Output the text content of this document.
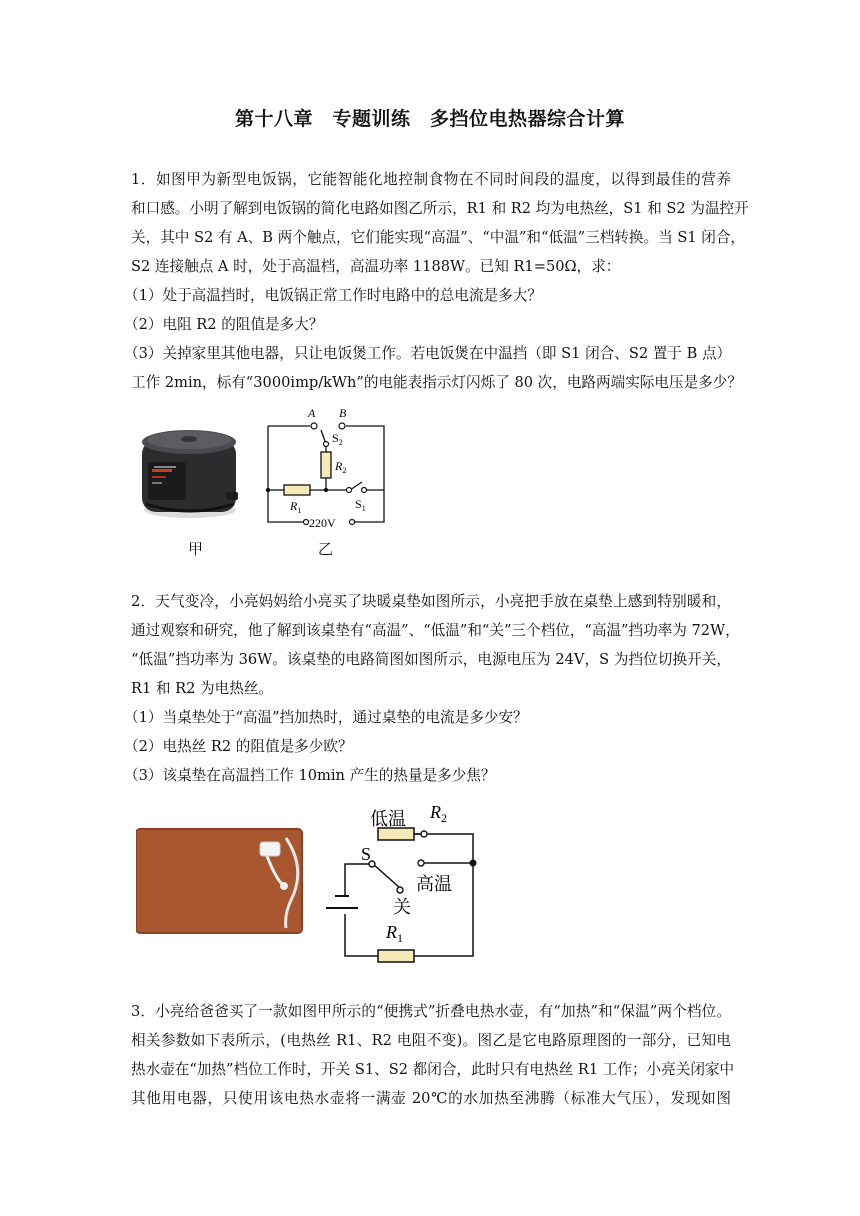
第十八章　专题训练　多挡位电热器综合计算
1．如图甲为新型电饭锅，它能智能化地控制食物在不同时间段的温度，以得到最佳的营养
和口感。小明了解到电饭锅的简化电路如图乙所示，R1 和 R2 均为电热丝，S1 和 S2 为温控开
关，其中 S2 有 A、B 两个触点，它们能实现“高温”、“中温”和“低温”三档转换。当 S1 闭合，
S2 连接触点 A 时，处于高温档，高温功率 1188W。已知 R1=50Ω，求：
（1）处于高温挡时，电饭锅正常工作时电路中的总电流是多大？
（2）电阻 R2 的阻值是多大？
（3）关掉家里其他电器，只让电饭煲工作。若电饭煲在中温挡（即 S1 闭合、S2 置于 B 点）
工作 2min，标有“3000imp/kWh”的电能表指示灯闪烁了 80 次，电路两端实际电压是多少？
甲
A B
$S_2$
$R_2$
$R_1$	$S_1$
220V
乙
2．天气变冷，小亮妈妈给小亮买了块暖桌垫如图所示，小亮把手放在桌垫上感到特别暖和，
通过观察和研究，他了解到该桌垫有“高温”、“低温”和“关”三个档位，“高温”挡功率为 72W，
“低温”挡功率为 36W。该桌垫的电路简图如图所示，电源电压为 24V，S 为挡位切换开关，
R1 和 R2 为电热丝。
（1）当桌垫处于“高温”挡加热时，通过桌垫的电流是多少安？
（2）电热丝 R2 的阻值是多少欧？
（3）该桌垫在高温挡工作 10min 产生的热量是多少焦？
低温 $R_2$
S
高温
关
$R_1$
3．小亮给爸爸买了一款如图甲所示的“便携式”折叠电热水壶，有“加热”和“保温”两个档位。
相关参数如下表所示，(电热丝 R1、R2 电阻不变)。图乙是它电路原理图的一部分，已知电
热水壶在“加热”档位工作时，开关 S1、S2 都闭合，此时只有电热丝 R1 工作；小亮关闭家中
其他用电器，只使用该电热水壶将一满壶 20℃的水加热至沸腾（标准大气压），发现如图
